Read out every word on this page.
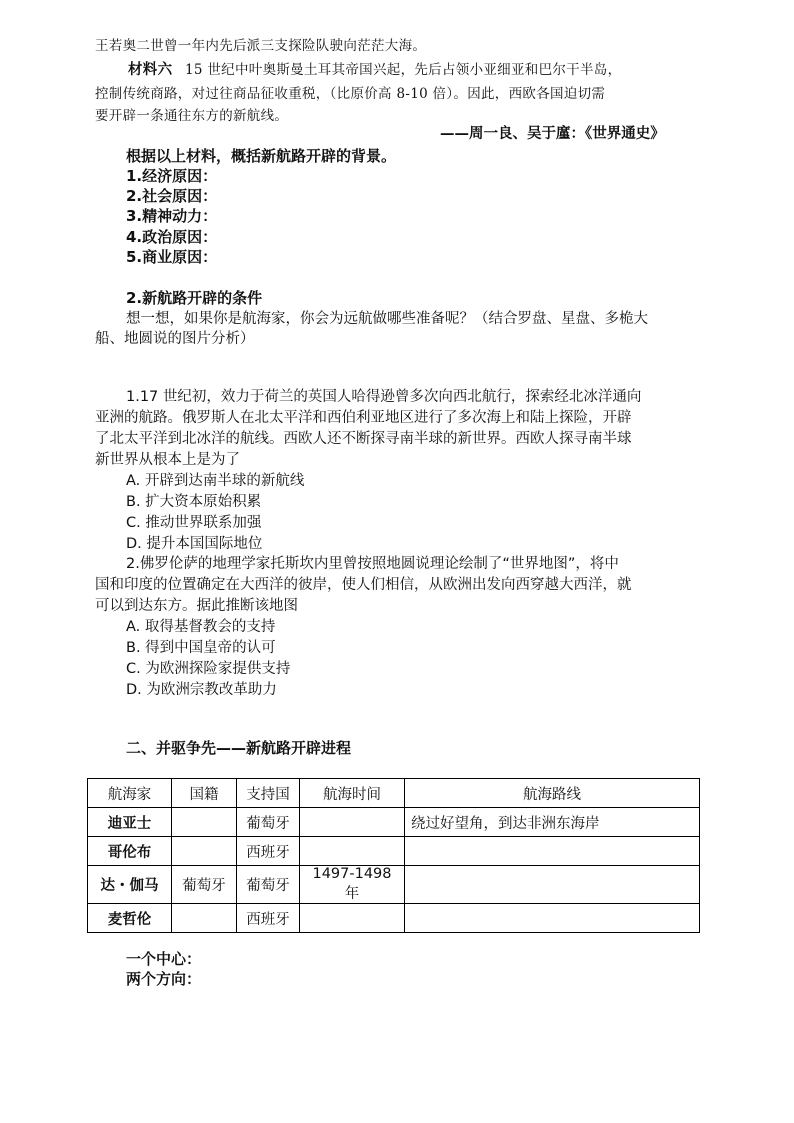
王若奥二世曾一年内先后派三支探险队驶向茫茫大海。
材料六 15 世纪中叶奥斯曼土耳其帝国兴起，先后占领小亚细亚和巴尔干半岛，
控制传统商路，对过往商品征收重税，（比原价高 8-10 倍）。因此，西欧各国迫切需
要开辟一条通往东方的新航线。
——周一良、吴于廑：《世界通史》
根据以上材料，概括新航路开辟的背景。
1.经济原因：
2.社会原因：
3.精神动力：
4.政治原因：
5.商业原因：
2.新航路开辟的条件
想一想，如果你是航海家，你会为远航做哪些准备呢？（结合罗盘、星盘、多桅大
船、地圆说的图片分析）
1.17 世纪初，效力于荷兰的英国人哈得逊曾多次向西北航行，探索经北冰洋通向
亚洲的航路。俄罗斯人在北太平洋和西伯利亚地区进行了多次海上和陆上探险，开辟
了北太平洋到北冰洋的航线。西欧人还不断探寻南半球的新世界。西欧人探寻南半球
新世界从根本上是为了
A. 开辟到达南半球的新航线
B. 扩大资本原始积累
C. 推动世界联系加强
D. 提升本国国际地位
2.佛罗伦萨的地理学家托斯坎内里曾按照地圆说理论绘制了“世界地图”，将中
国和印度的位置确定在大西洋的彼岸，使人们相信，从欧洲出发向西穿越大西洋，就
可以到达东方。据此推断该地图
A. 取得基督教会的支持
B. 得到中国皇帝的认可
C. 为欧洲探险家提供支持
D. 为欧洲宗教改革助力
二、并驱争先——新航路开辟进程
航海家	国籍	支持国	航海时间	航海路线
迪亚士		葡萄牙		绕过好望角，到达非洲东海岸
哥伦布		西班牙		
达・伽马	葡萄牙	葡萄牙	1497-1498 年	
麦哲伦		西班牙		
一个中心：
两个方向：
